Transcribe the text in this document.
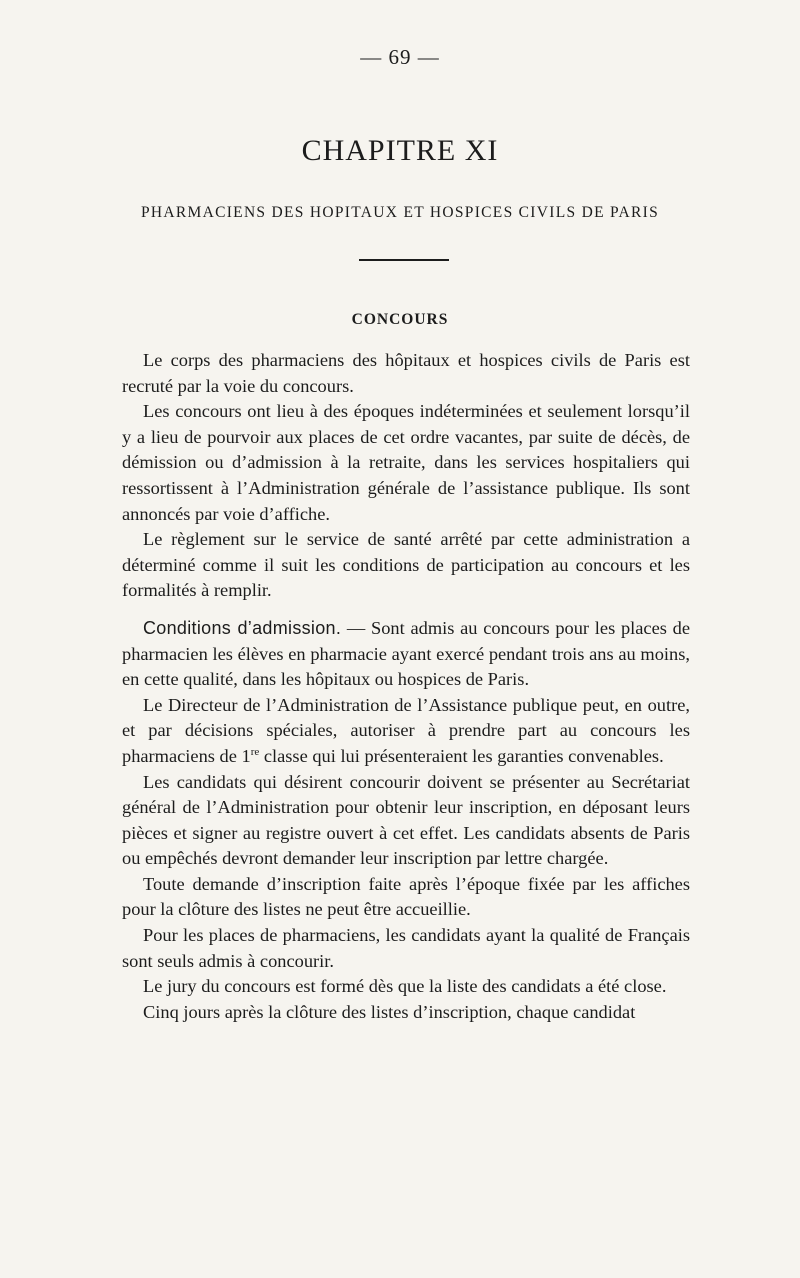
— 69 —
CHAPITRE XI
PHARMACIENS DES HOPITAUX ET HOSPICES CIVILS DE PARIS
CONCOURS

Le corps des pharmaciens des hôpitaux et hospices civils de Paris est recruté par la voie du concours.

Les concours ont lieu à des époques indéterminées et seulement lorsqu’il y a lieu de pourvoir aux places de cet ordre vacantes, par suite de décès, de démission ou d’admission à la retraite, dans les services hospitaliers qui ressortissent à l’Administration générale de l’assistance publique. Ils sont annoncés par voie d’affiche.

Le règlement sur le service de santé arrêté par cette administration a déterminé comme il suit les conditions de participation au concours et les formalités à remplir.

Conditions d’admission. — Sont admis au concours pour les places de pharmacien les élèves en pharmacie ayant exercé pendant trois ans au moins, en cette qualité, dans les hôpitaux ou hospices de Paris.

Le Directeur de l’Administration de l’Assistance publique peut, en outre, et par décisions spéciales, autoriser à prendre part au concours les pharmaciens de 1re classe qui lui présenteraient les garanties convenables.

Les candidats qui désirent concourir doivent se présenter au Secrétariat général de l’Administration pour obtenir leur inscription, en déposant leurs pièces et signer au registre ouvert à cet effet. Les candidats absents de Paris ou empêchés devront demander leur inscription par lettre chargée.

Toute demande d’inscription faite après l’époque fixée par les affiches pour la clôture des listes ne peut être accueillie.

Pour les places de pharmaciens, les candidats ayant la qualité de Français sont seuls admis à concourir.

Le jury du concours est formé dès que la liste des candidats a été close.

Cinq jours après la clôture des listes d’inscription, chaque candidat
